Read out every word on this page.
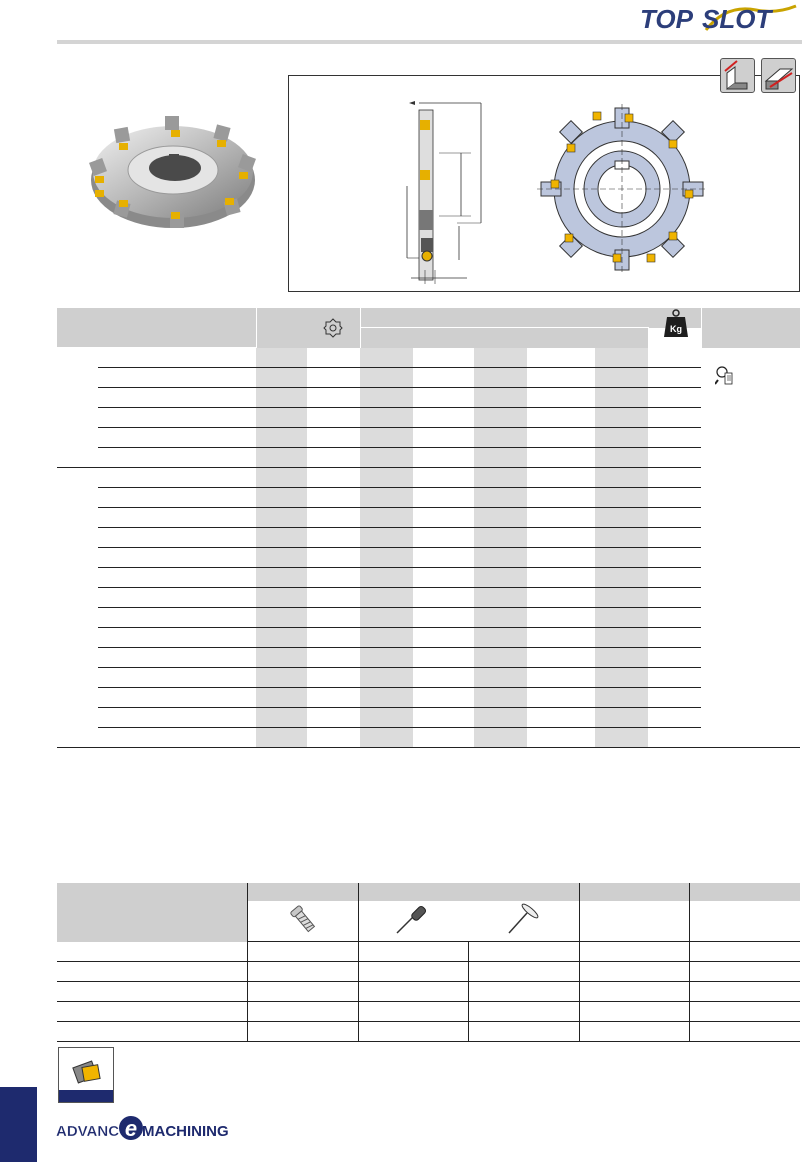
TOP SLOT

Kg	

ADVANC e MACHINING
